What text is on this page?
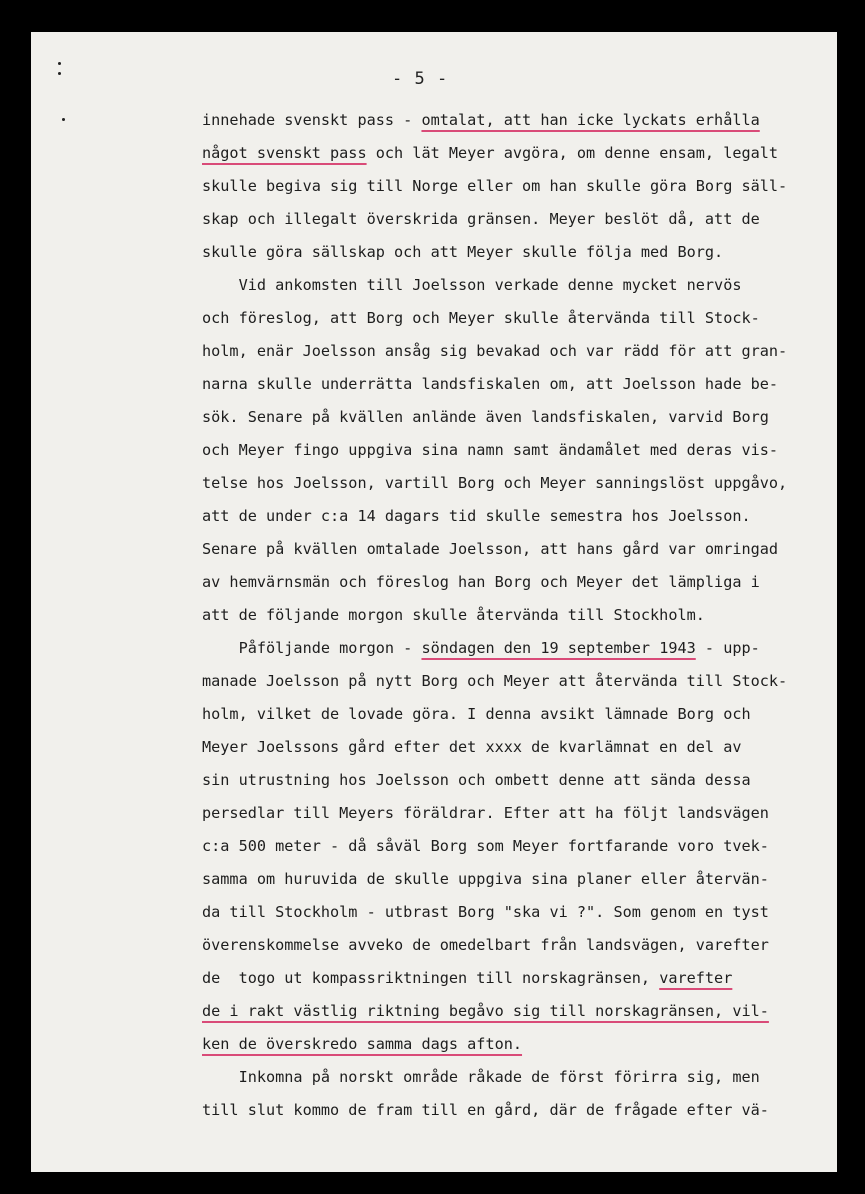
- 5 -
innehade svenskt pass - omtalat, att han icke lyckats erhålla
något svenskt pass och lät Meyer avgöra, om denne ensam, legalt
skulle begiva sig till Norge eller om han skulle göra Borg säll-
skap och illegalt överskrida gränsen. Meyer beslöt då, att de
skulle göra sällskap och att Meyer skulle följa med Borg.
Vid ankomsten till Joelsson verkade denne mycket nervös
och föreslog, att Borg och Meyer skulle återvända till Stock-
holm, enär Joelsson ansåg sig bevakad och var rädd för att gran-
narna skulle underrätta landsfiskalen om, att Joelsson hade be-
sök. Senare på kvällen anlände även landsfiskalen, varvid Borg
och Meyer fingo uppgiva sina namn samt ändamålet med deras vis-
telse hos Joelsson, vartill Borg och Meyer sanningslöst uppgåvo,
att de under c:a 14 dagars tid skulle semestra hos Joelsson.
Senare på kvällen omtalade Joelsson, att hans gård var omringad
av hemvärnsmän och föreslog han Borg och Meyer det lämpliga i
att de följande morgon skulle återvända till Stockholm.
Påföljande morgon - söndagen den 19 september 1943 - upp-
manade Joelsson på nytt Borg och Meyer att återvända till Stock-
holm, vilket de lovade göra. I denna avsikt lämnade Borg och
Meyer Joelssons gård efter det xxxx de kvarlämnat en del av
sin utrustning hos Joelsson och ombett denne att sända dessa
persedlar till Meyers föräldrar. Efter att ha följt landsvägen
c:a 500 meter - då såväl Borg som Meyer fortfarande voro tvek-
samma om huruvida de skulle uppgiva sina planer eller återvän-
da till Stockholm - utbrast Borg "ska vi ?". Som genom en tyst
överenskommelse avveko de omedelbart från landsvägen, varefter
de  togo ut kompassriktningen till norskagränsen, varefter
de i rakt västlig riktning begåvo sig till norskagränsen, vil-
ken de överskredo samma dags afton.
Inkomna på norskt område råkade de först förirra sig, men
till slut kommo de fram till en gård, där de frågade efter vä-
